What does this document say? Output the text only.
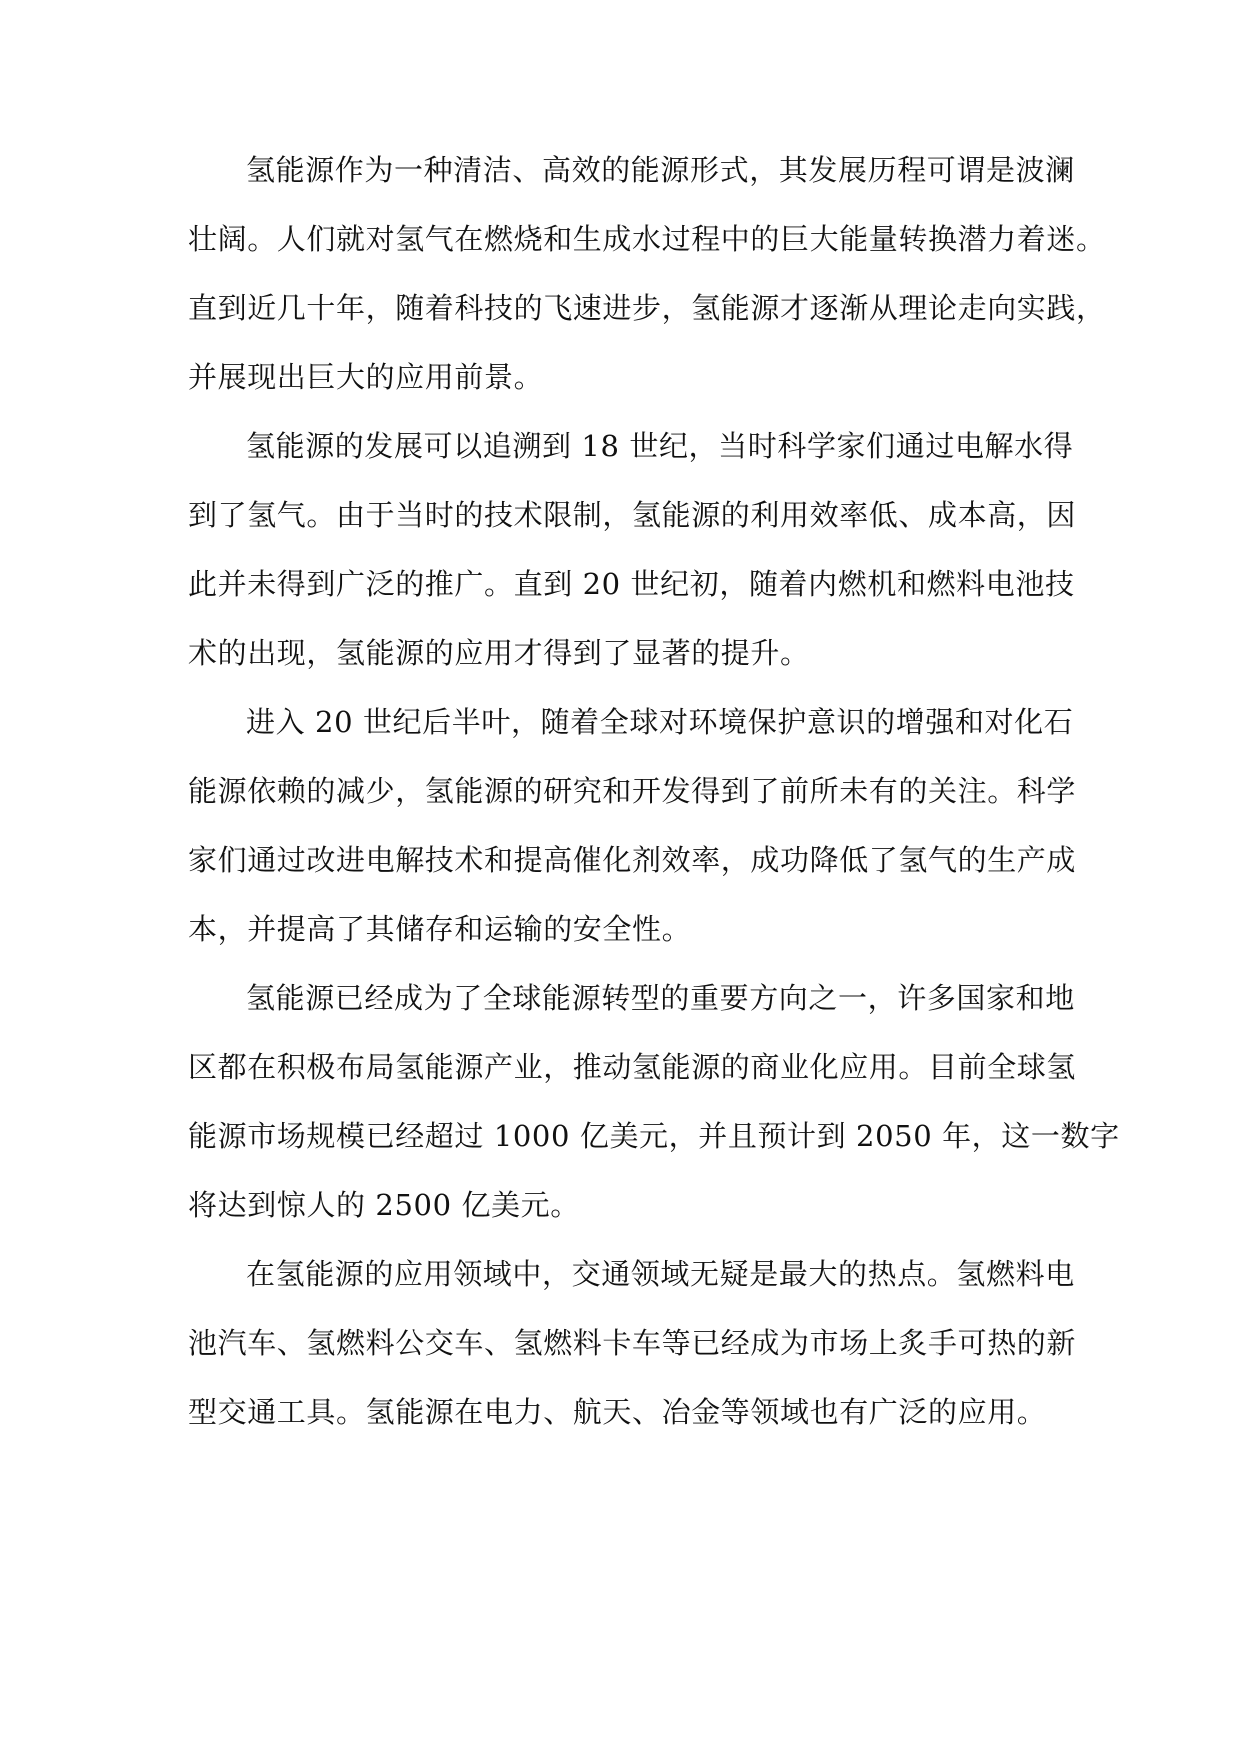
氢能源作为一种清洁、高效的能源形式，其发展历程可谓是波澜
壮阔。人们就对氢气在燃烧和生成水过程中的巨大能量转换潜力着迷。
直到近几十年，随着科技的飞速进步，氢能源才逐渐从理论走向实践，
并展现出巨大的应用前景。
氢能源的发展可以追溯到 18 世纪，当时科学家们通过电解水得
到了氢气。由于当时的技术限制，氢能源的利用效率低、成本高，因
此并未得到广泛的推广。直到 20 世纪初，随着内燃机和燃料电池技
术的出现，氢能源的应用才得到了显著的提升。
进入 20 世纪后半叶，随着全球对环境保护意识的增强和对化石
能源依赖的减少，氢能源的研究和开发得到了前所未有的关注。科学
家们通过改进电解技术和提高催化剂效率，成功降低了氢气的生产成
本，并提高了其储存和运输的安全性。
氢能源已经成为了全球能源转型的重要方向之一，许多国家和地
区都在积极布局氢能源产业，推动氢能源的商业化应用。目前全球氢
能源市场规模已经超过 1000 亿美元，并且预计到 2050 年，这一数字
将达到惊人的 2500 亿美元。
在氢能源的应用领域中，交通领域无疑是最大的热点。氢燃料电
池汽车、氢燃料公交车、氢燃料卡车等已经成为市场上炙手可热的新
型交通工具。氢能源在电力、航天、冶金等领域也有广泛的应用。
